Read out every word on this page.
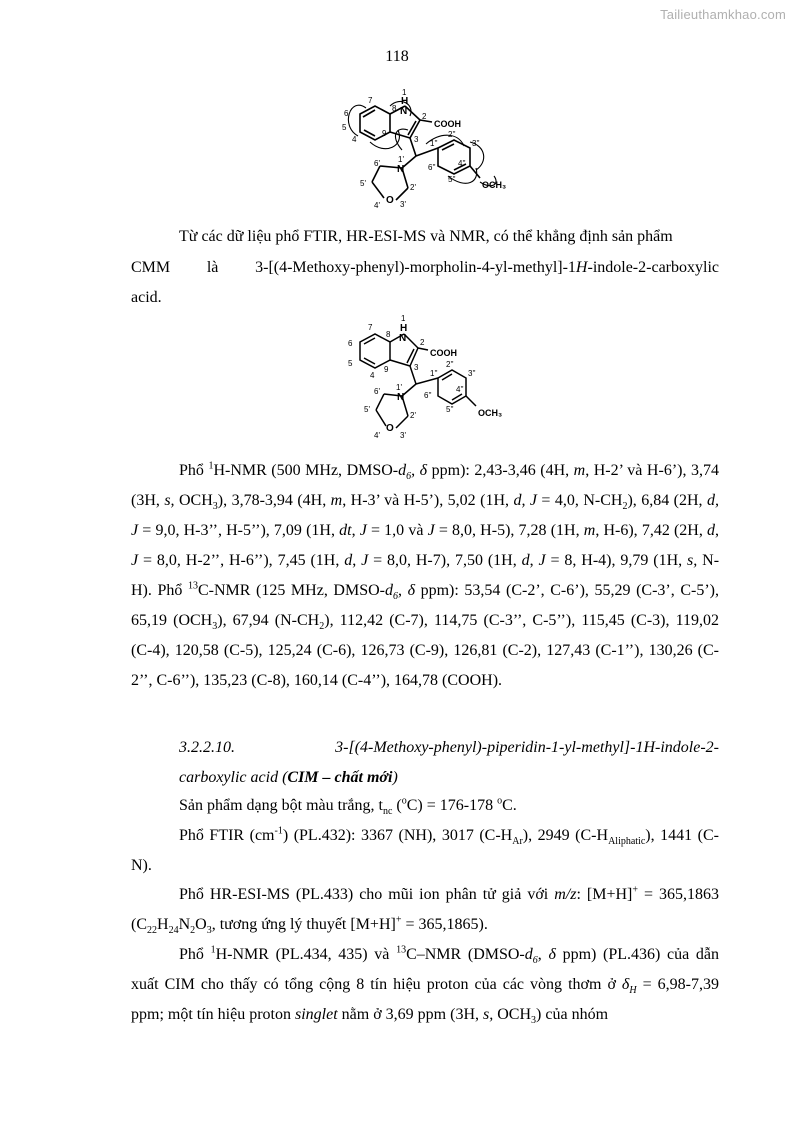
Tailieuthamkhao.com
118
1
H
N 2
COOH
3
4
5
6
7
8
9
N
1'
2'
3'
O
4'
5'
6'
1''
2''
3''
4''
5''
6''
OCH₃

Từ các dữ liệu phổ FTIR, HR-ESI-MS và NMR, có thể khẳng định sản phẩm

CMM là 3-[(4-Methoxy-phenyl)-morpholin-4-yl-methyl]-1H-indole-2-carboxylic

acid.

1
H
N 2
COOH
3
4
5
6
7
8
9
N
1'
2'
3'
O
4'
5'
6'
1''
2''
3''
4''
5''
6''
OCH₃

Phổ $^1$H-NMR (500 MHz, DMSO-$d_6$, δ ppm): 2,43-3,46 (4H, m, H-2’ và H-6’), 3,74 (3H, s, $OCH_3$), 3,78-3,94 (4H, m, H-3’ và H-5’), 5,02 (1H, d, J = 4,0, $N-CH_2$), 6,84 (2H, d, J = 9,0, H-3’’, H-5’’), 7,09 (1H, dt, J = 1,0 và J = 8,0, H-5), 7,28 (1H, m, H-6), 7,42 (2H, d, J = 8,0, H-2’’, H-6’’), 7,45 (1H, d, J = 8,0, H-7), 7,50 (1H, d, J = 8, H-4), 9,79 (1H, s, N-H). Phổ $^{13}$C-NMR (125 MHz, DMSO-$d_6$, δ ppm): 53,54 (C-2’, C-6’), 55,29 (C-3’, C-5’), 65,19 $(OCH_3)$, 67,94 $(N-CH_2)$, 112,42 (C-7), 114,75 (C-3’’, C-5’’), 115,45 (C-3), 119,02 (C-4), 120,58 (C-5), 125,24 (C-6), 126,73 (C-9), 126,81 (C-2), 127,43 (C-1’’), 130,26 (C-2’’, C-6’’), 135,23 (C-8), 160,14 (C-4’’), 164,78 (COOH).

3.2.2.10.	3-[(4-Methoxy-phenyl)-piperidin-1-yl-methyl]-1H-indole-2-
carboxylic acid (CIM – chất mới)

Sản phẩm dạng bột màu trắng, $t_{nc}$ ($^o$C) = 176-178 $^o$C.

Phổ FTIR $(cm^{-1})$ (PL.432): 3367 (NH), 3017 $(C-H_{Ar})$, 2949 $(C-H_{Aliphatic})$, 1441 (C-N).

Phổ HR-ESI-MS (PL.433) cho mũi ion phân tử giả với m/z: [M+H]+ = 365,1863 ($C_{22}H_{24}N_2O_3$, tương ứng lý thuyết [M+H]+ = 365,1865).

Phổ $^1$H-NMR (PL.434, 435) và $^{13}$C–NMR ($DMSO-d_6$, δ ppm) (PL.436) của dẫn xuất CIM cho thấy có tổng cộng 8 tín hiệu proton của các vòng thơm ở $\delta_H = 6,98-7,39$ ppm; một tín hiệu proton singlet nằm ở 3,69 ppm (3H, s, $OCH_3$) của nhóm
